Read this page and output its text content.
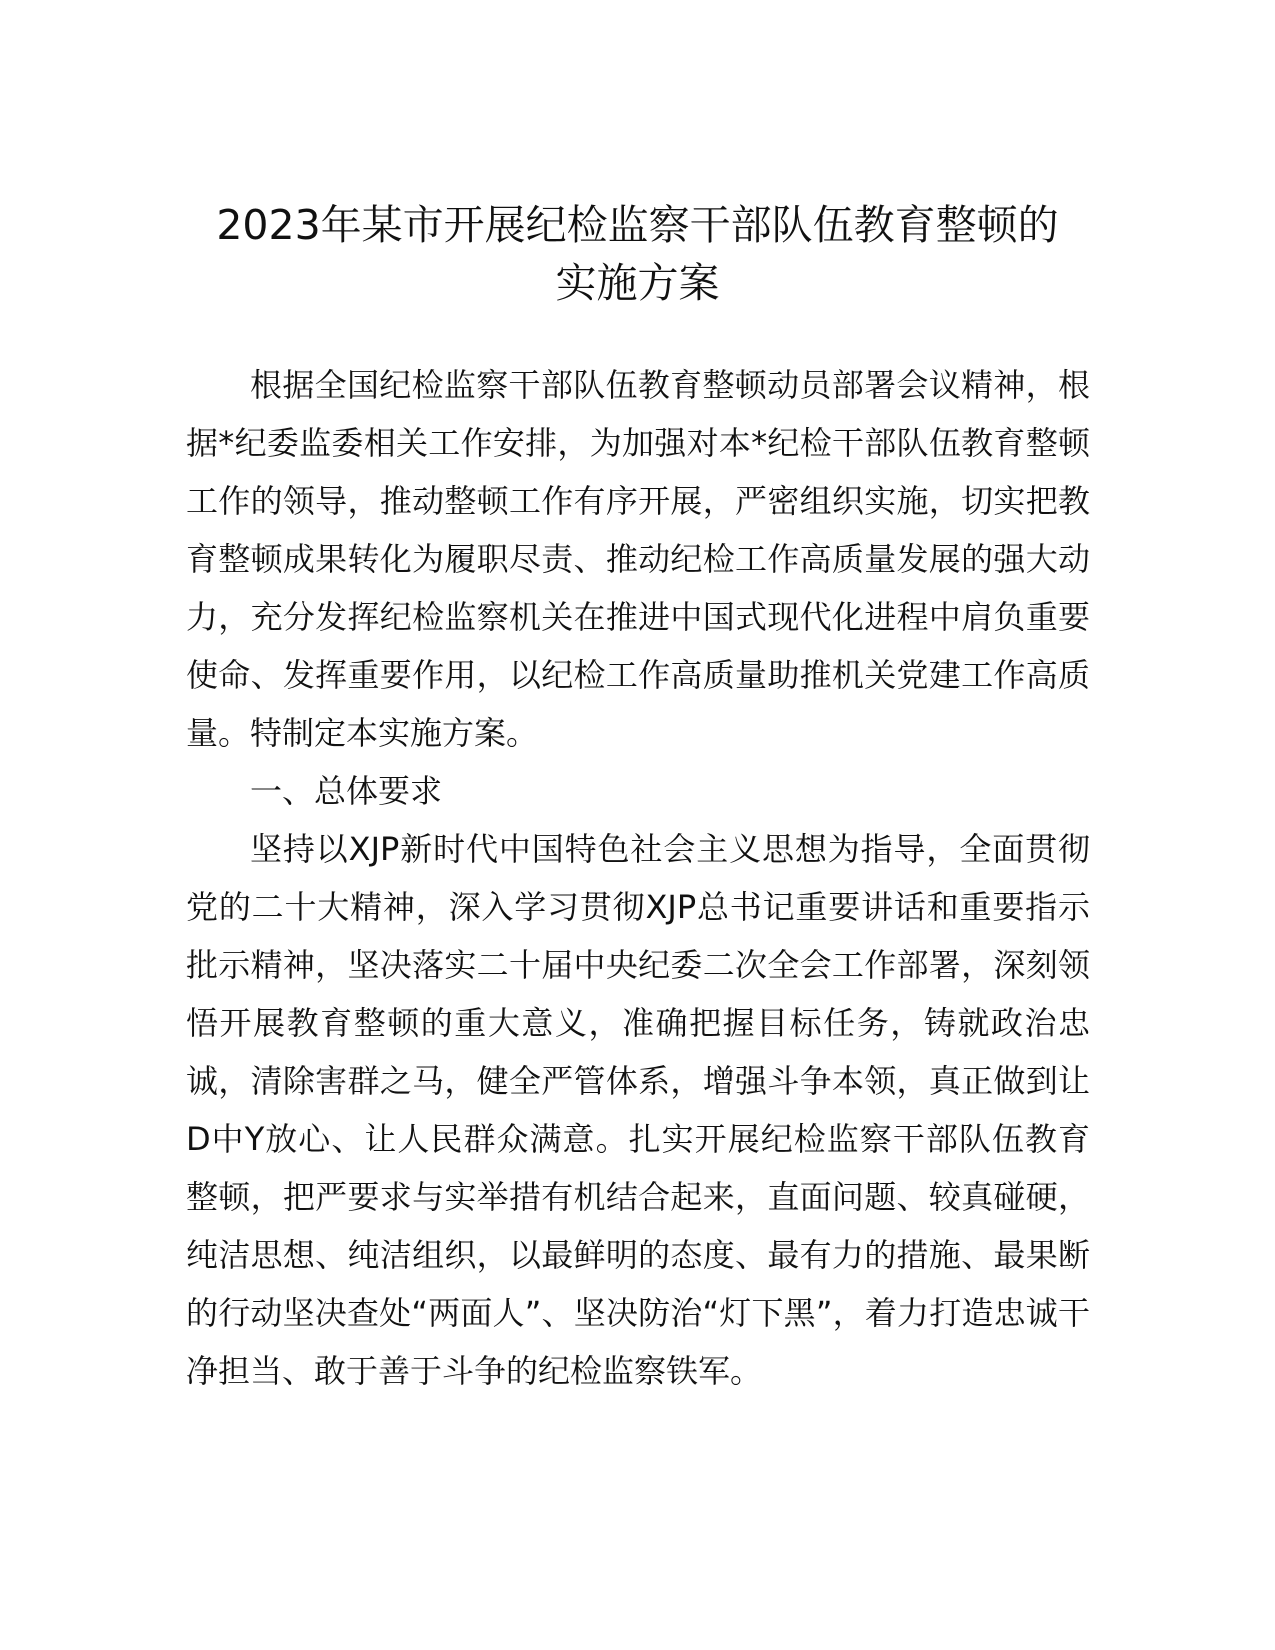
2023年某市开展纪检监察干部队伍教育整顿的
实施方案

根据全国纪检监察干部队伍教育整顿动员部署会议精神，根据*纪委监委相关工作安排，为加强对本*纪检干部队伍教育整顿工作的领导，推动整顿工作有序开展，严密组织实施，切实把教育整顿成果转化为履职尽责、推动纪检工作高质量发展的强大动力，充分发挥纪检监察机关在推进中国式现代化进程中肩负重要使命、发挥重要作用，以纪检工作高质量助推机关党建工作高质量。特制定本实施方案。

一、总体要求

坚持以XJP新时代中国特色社会主义思想为指导，全面贯彻党的二十大精神，深入学习贯彻XJP总书记重要讲话和重要指示批示精神，坚决落实二十届中央纪委二次全会工作部署，深刻领悟开展教育整顿的重大意义，准确把握目标任务，铸就政治忠诚，清除害群之马，健全严管体系，增强斗争本领，真正做到让D中Y放心、让人民群众满意。扎实开展纪检监察干部队伍教育整顿，把严要求与实举措有机结合起来，直面问题、较真碰硬，纯洁思想、纯洁组织，以最鲜明的态度、最有力的措施、最果断的行动坚决查处“两面人”、坚决防治“灯下黑”，着力打造忠诚干净担当、敢于善于斗争的纪检监察铁军。
